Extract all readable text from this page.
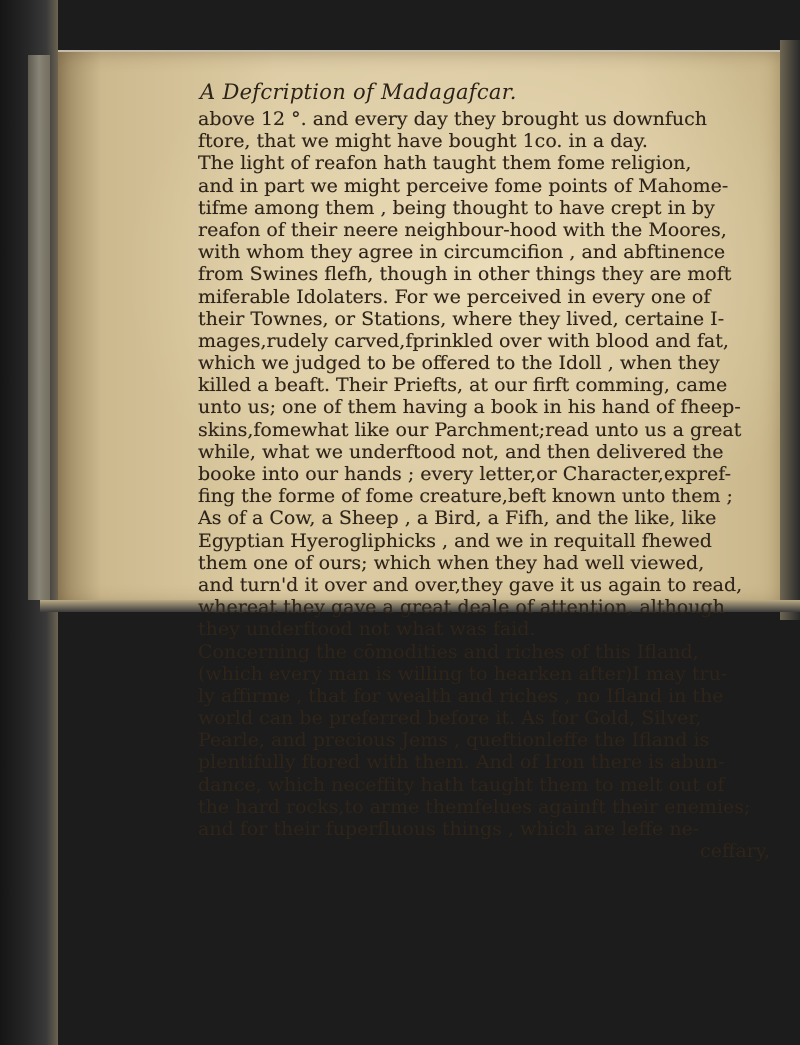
A Defcription of Madagafcar.
above 12 °. and every day they brought us downfuch
ftore, that we might have bought 1co. in a day.
The light of reafon hath taught them fome religion,
and in part we might perceive fome points of Mahome-
tifme among them , being thought to have crept in by
reafon of their neere neighbour-hood with the Moores,
with whom they agree in circumcifion , and abftinence
from Swines flefh, though in other things they are moft
miferable Idolaters. For we perceived in every one of
their Townes, or Stations, where they lived, certaine I-
mages,rudely carved,fprinkled over with blood and fat,
which we judged to be offered to the Idoll , when they
killed a beaft. Their Priefts, at our firft comming, came
unto us; one of them having a book in his hand of fheep-
skins,fomewhat like our Parchment;read unto us a great
while, what we underftood not, and then delivered the
booke into our hands ; every letter,or Character,expref-
fing the forme of fome creature,beft known unto them ;
As of a Cow, a Sheep , a Bird, a Fifh, and the like, like
Egyptian Hyerogliphicks , and we in requitall fhewed
them one of ours; which when they had well viewed,
and turn'd it over and over,they gave it us again to read,
whereat they gave a great deale of attention, although
they underftood not what was faid.
Concerning the cōmodities and riches of this Ifland,
(which every man is willing to hearken after)I may tru-
ly affirme , that for wealth and riches , no Ifland in the
world can be preferred before it. As for Gold, Silver,
Pearle, and precious Jems , queftionleffe the Ifland is
plentifully ftored with them. And of Iron there is abun-
dance, which neceffity hath taught them to melt out of
the hard rocks,to arme themfelues againft their enemies;
and for their fuperfluous things , which are leffe ne-
ceffary,
